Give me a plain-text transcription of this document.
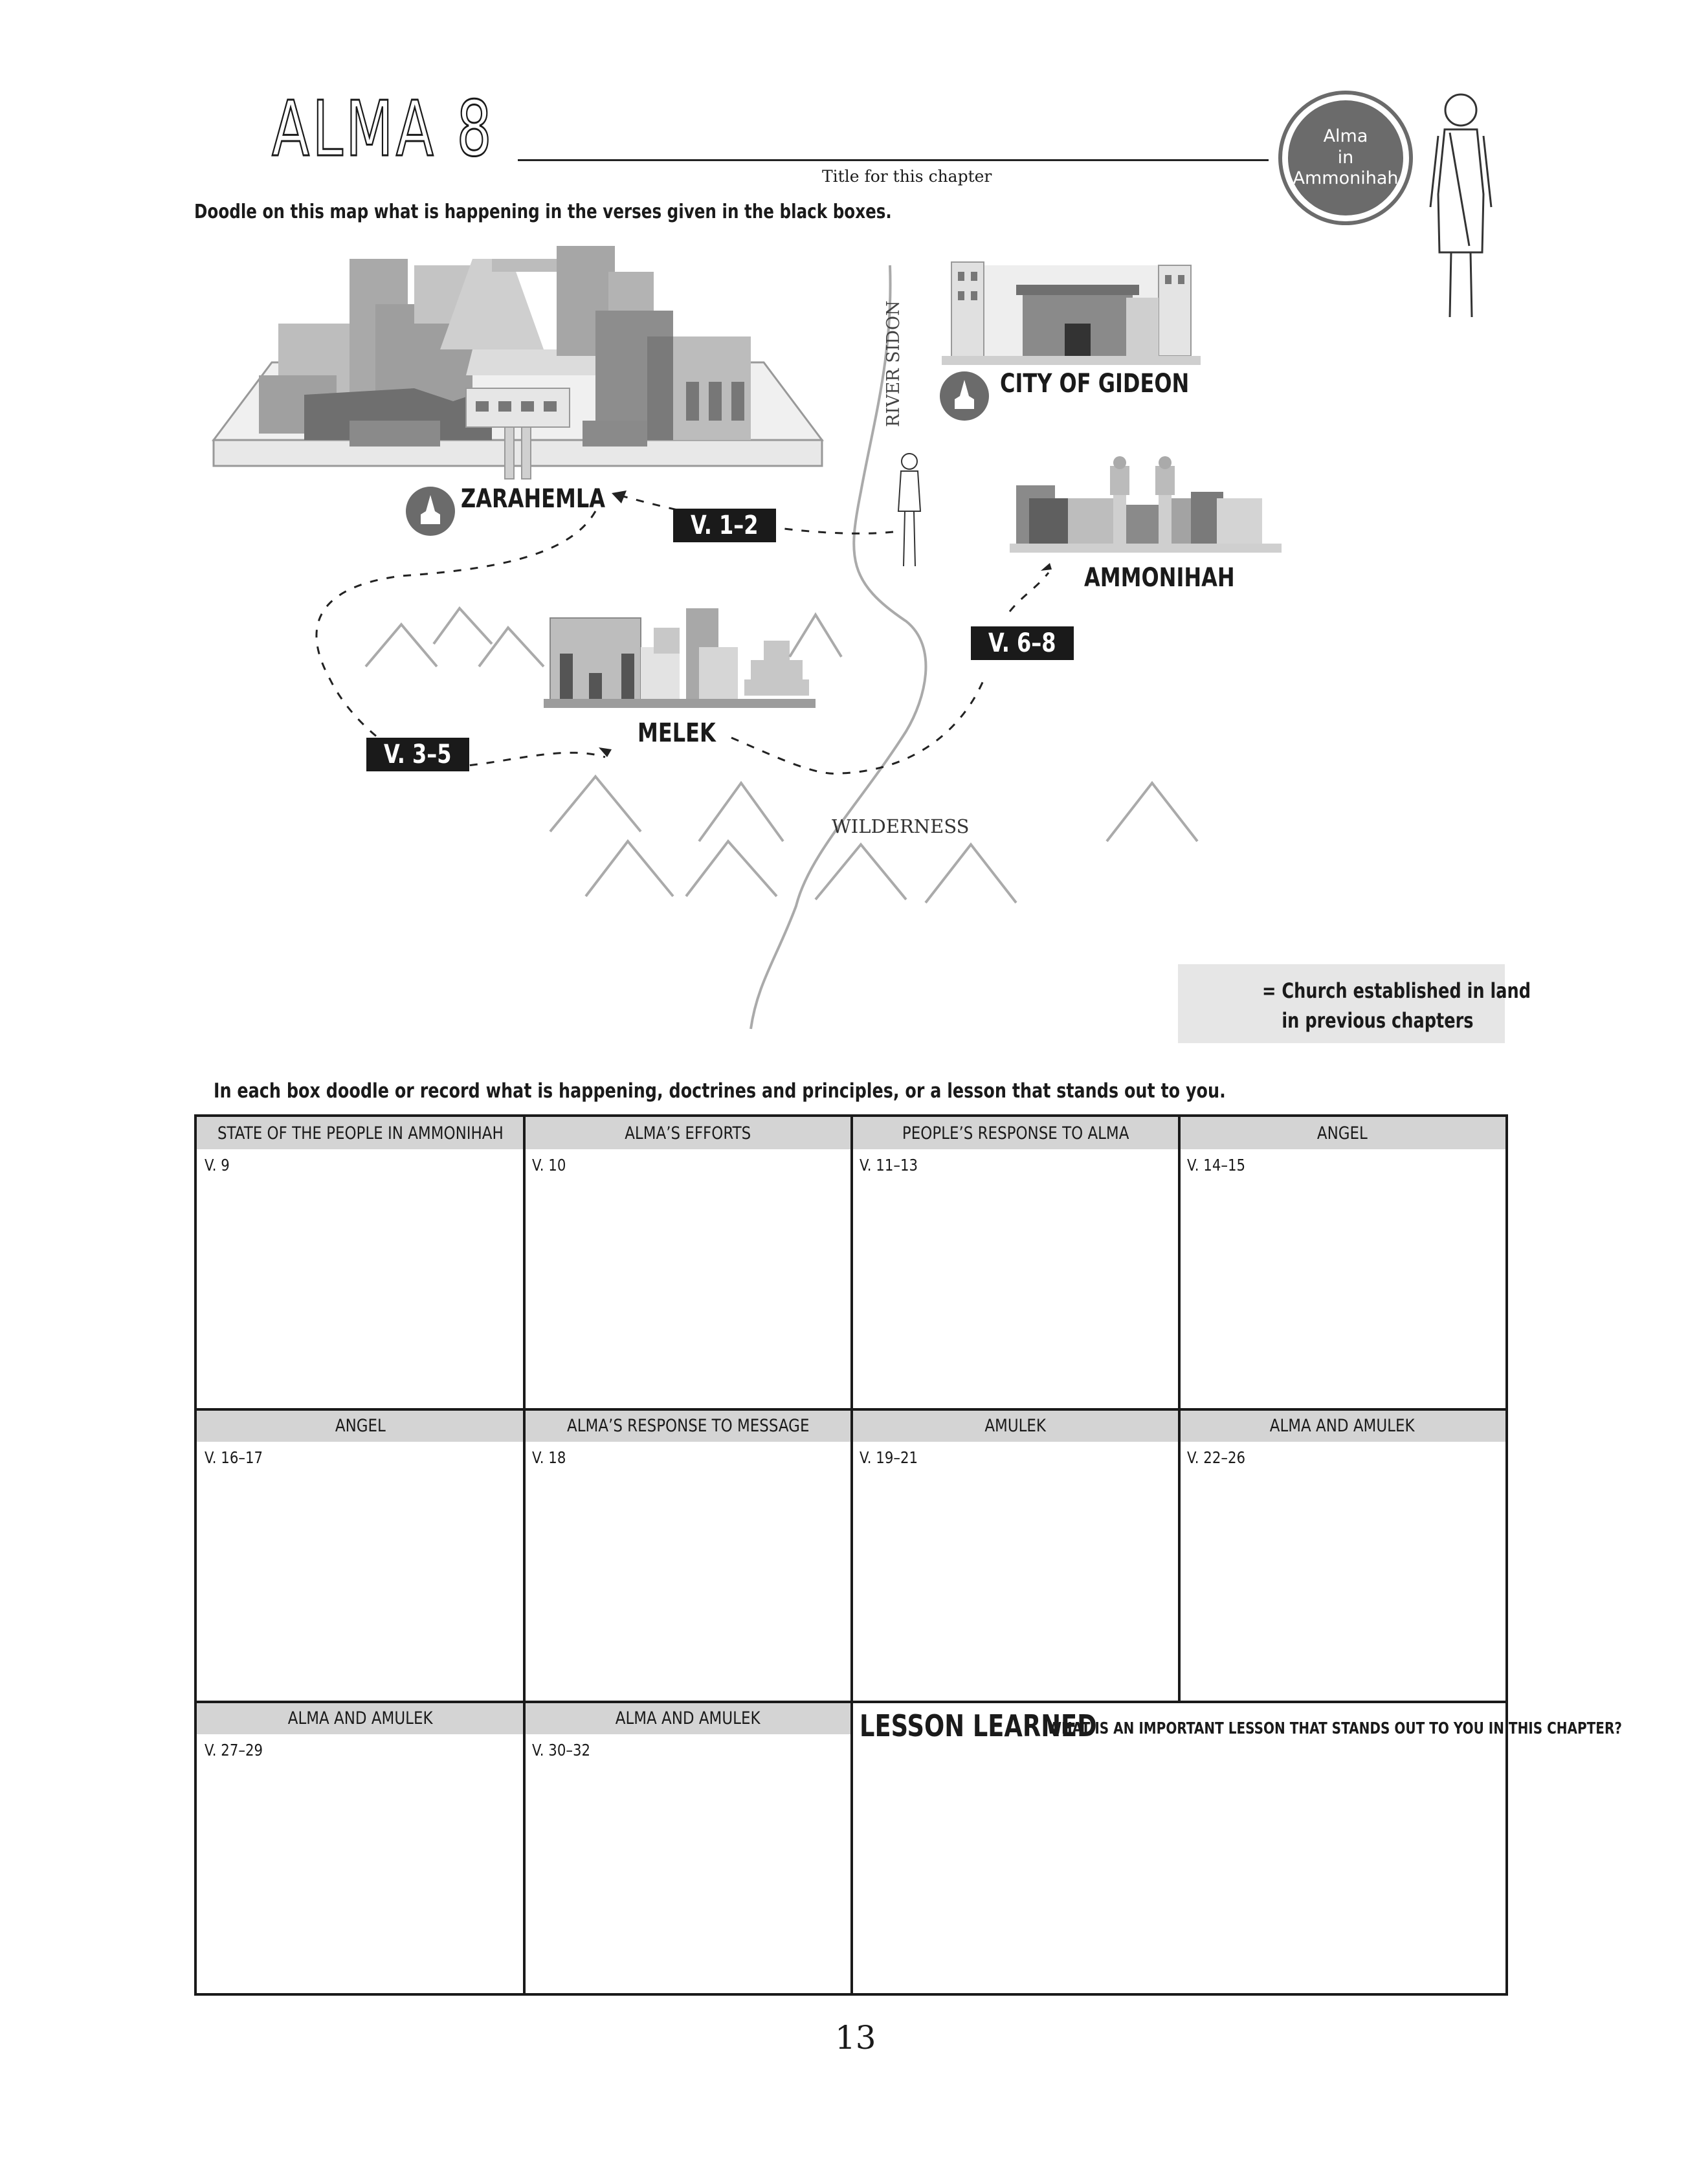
ALMA 8
Title for this chapter
Alma
in
Ammonihah
Doodle on this map what is happening in the verses given in the black boxes.
ZARAHEMLA
CITY OF GIDEON
AMMONIHAH
MELEK
RIVER SIDON
WILDERNESS
V. 1–2
V. 3–5
V. 6–8
= Church established in land
in previous chapters
In each box doodle or record what is happening, doctrines and principles, or a lesson that stands out to you.
STATE OF THE PEOPLE IN AMMONIHAH
V. 9
ALMA’S EFFORTS
V. 10
PEOPLE’S RESPONSE TO ALMA
V. 11–13
ANGEL
V. 14–15
ANGEL
V. 16–17
ALMA’S RESPONSE TO MESSAGE
V. 18
AMULEK
V. 19–21
ALMA AND AMULEK
V. 22–26
ALMA AND AMULEK
V. 27–29
ALMA AND AMULEK
V. 30–32
LESSON LEARNED
WHAT IS AN IMPORTANT LESSON THAT STANDS OUT TO YOU IN THIS CHAPTER?
13
